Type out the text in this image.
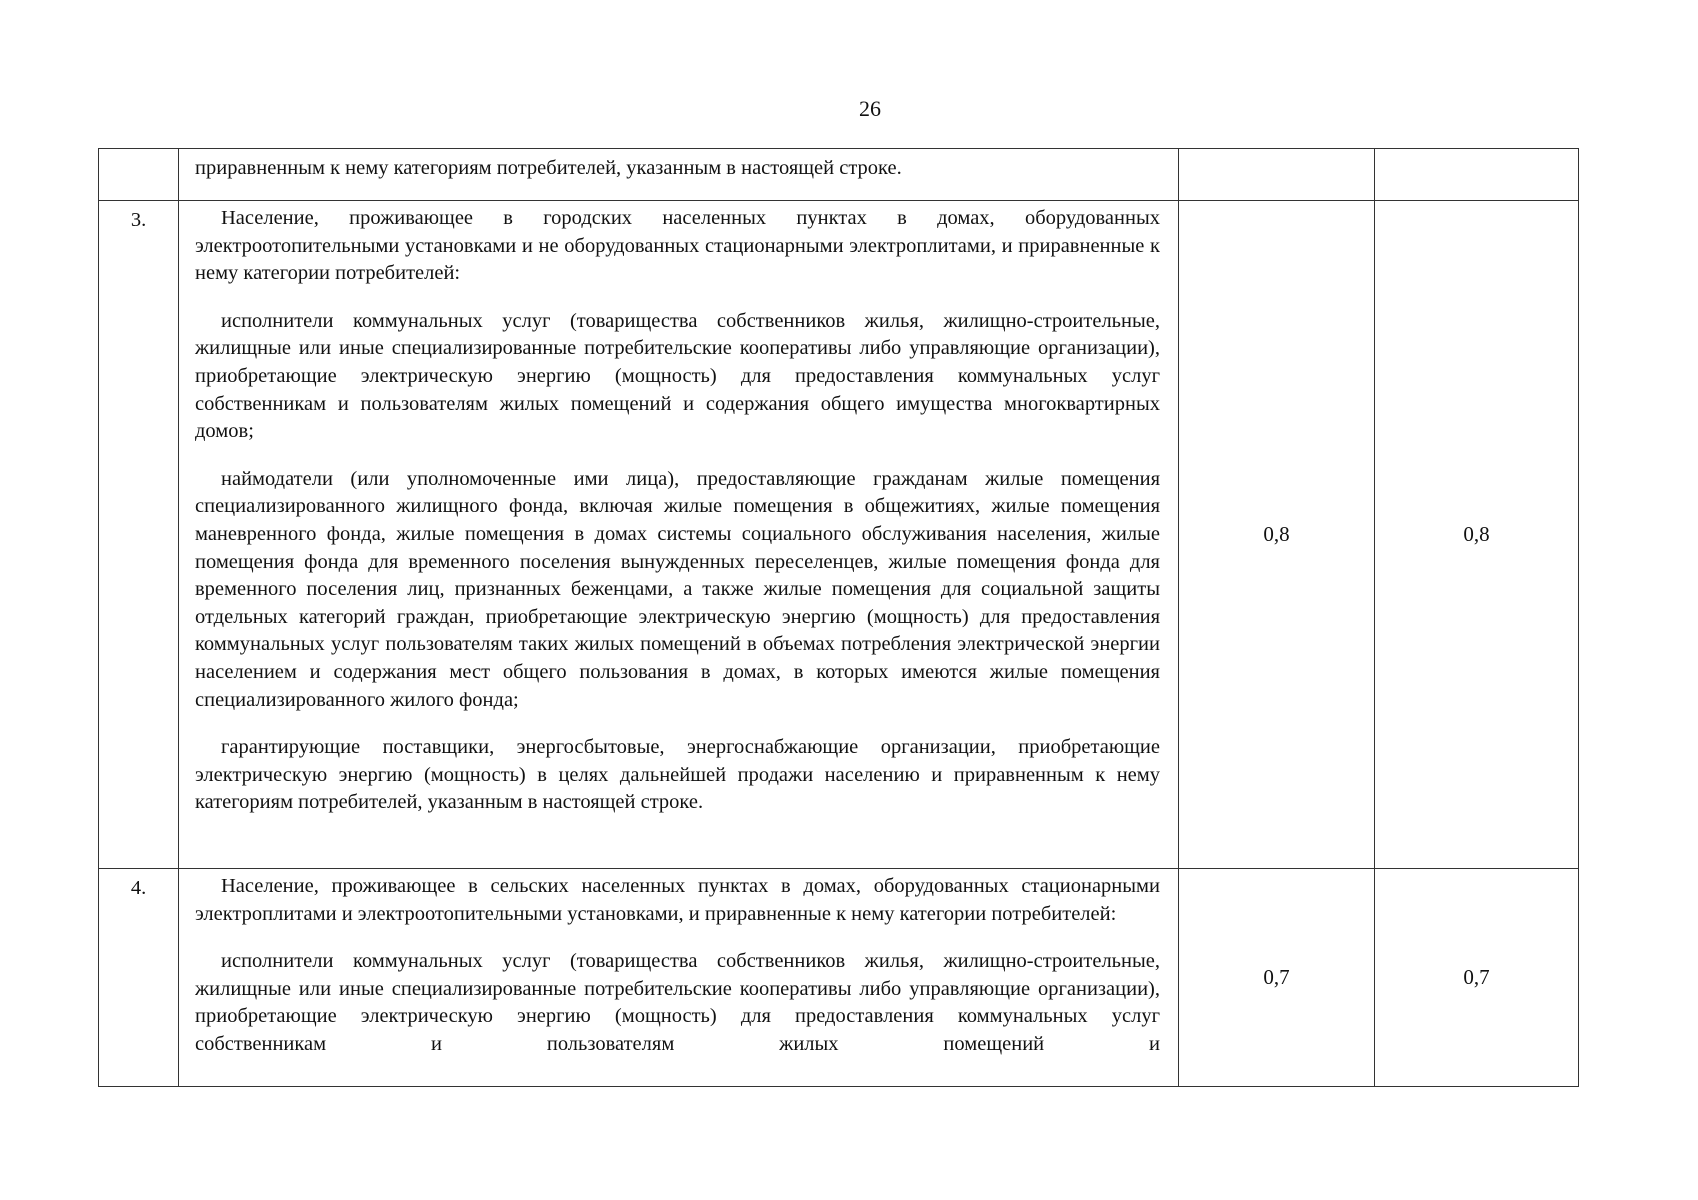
26

	приравненным к нему категориям потребителей, указанным в настоящей строке.		

3.	Население, проживающее в городских населенных пунктах в домах, оборудованных электроотопительными установками и не оборудованных стационарными электроплитами, и приравненные к нему категории потребителей:

исполнители коммунальных услуг (товарищества собственников жилья, жилищно-строительные, жилищные или иные специализированные потребительские кооперативы либо управляющие организации), приобретающие электрическую энергию (мощность) для предоставления коммунальных услуг собственникам и пользователям жилых помещений и содержания общего имущества многоквартирных домов;

наймодатели (или уполномоченные ими лица), предоставляющие гражданам жилые помещения специализированного жилищного фонда, включая жилые помещения в общежитиях, жилые помещения маневренного фонда, жилые помещения в домах системы социального обслуживания населения, жилые помещения фонда для временного поселения вынужденных переселенцев, жилые помещения фонда для временного поселения лиц, признанных беженцами, а также жилые помещения для социальной защиты отдельных категорий граждан, приобретающие электрическую энергию (мощность) для предоставления коммунальных услуг пользователям таких жилых помещений в объемах потребления электрической энергии населением и содержания мест общего пользования в домах, в которых имеются жилые помещения специализированного жилого фонда;

гарантирующие поставщики, энергосбытовые, энергоснабжающие организации, приобретающие электрическую энергию (мощность) в целях дальнейшей продажи населению и приравненным к нему категориям потребителей, указанным в настоящей строке.	0,8	0,8
4.	Население, проживающее в сельских населенных пунктах в домах, оборудованных стационарными электроплитами и электроотопительными установками, и приравненные к нему категории потребителей:

исполнители коммунальных услуг (товарищества собственников жилья, жилищно-строительные, жилищные или иные специализированные потребительские кооперативы либо управляющие организации), приобретающие электрическую энергию (мощность) для предоставления коммунальных услуг собственникам и пользователям жилых помещений и	0,7	0,7
